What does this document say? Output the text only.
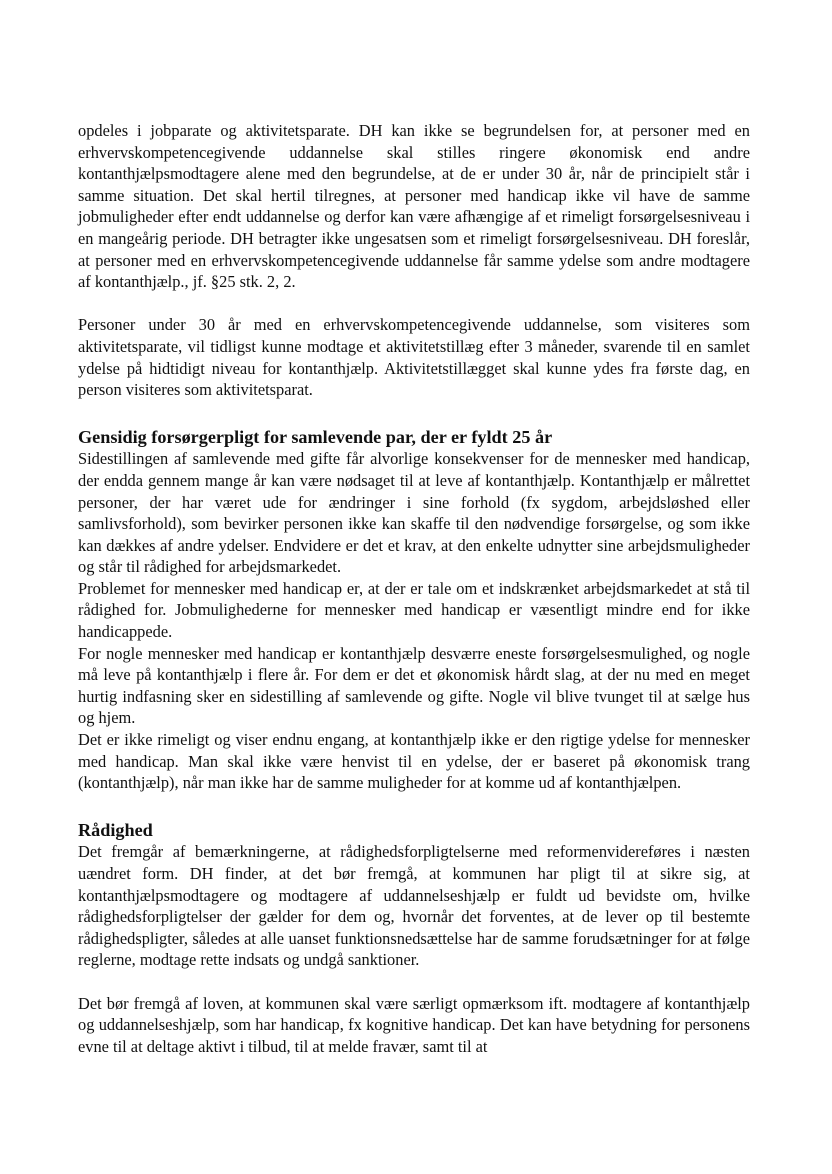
opdeles i jobparate og aktivitetsparate. DH kan ikke se begrundelsen for, at personer med en erhvervskompetencegivende uddannelse skal stilles ringere økonomisk end andre kontanthjælpsmodtagere alene med den begrundelse, at de er under 30 år, når de principielt står i samme situation. Det skal hertil tilregnes, at personer med handicap ikke vil have de samme jobmuligheder efter endt uddannelse og derfor kan være afhængige af et rimeligt forsørgelsesniveau i en mangeårig periode. DH betragter ikke ungesatsen som et rimeligt forsørgelsesniveau. DH foreslår, at personer med en erhvervskompetencegivende uddannelse får samme ydelse som andre modtagere af kontanthjælp., jf. §25 stk. 2, 2.

Personer under 30 år med en erhvervskompetencegivende uddannelse, som visiteres som aktivitetsparate, vil tidligst kunne modtage et aktivitetstillæg efter 3 måneder, svarende til en samlet ydelse på hidtidigt niveau for kontanthjælp. Aktivitetstillægget skal kunne ydes fra første dag, en person visiteres som aktivitetsparat.

Gensidig forsørgerpligt for samlevende par, der er fyldt 25 år

Sidestillingen af samlevende med gifte får alvorlige konsekvenser for de mennesker med handicap, der endda gennem mange år kan være nødsaget til at leve af kontanthjælp. Kontanthjælp er målrettet personer, der har været ude for ændringer i sine forhold (fx sygdom, arbejdsløshed eller samlivsforhold), som bevirker personen ikke kan skaffe til den nødvendige forsørgelse, og som ikke kan dækkes af andre ydelser. Endvidere er det et krav, at den enkelte udnytter sine arbejdsmuligheder og står til rådighed for arbejdsmarkedet.

Problemet for mennesker med handicap er, at der er tale om et indskrænket arbejdsmarkedet at stå til rådighed for. Jobmulighederne for mennesker med handicap er væsentligt mindre end for ikke handicappede.

For nogle mennesker med handicap er kontanthjælp desværre eneste forsørgelsesmulighed, og nogle må leve på kontanthjælp i flere år. For dem er det et økonomisk hårdt slag, at der nu med en meget hurtig indfasning sker en sidestilling af samlevende og gifte. Nogle vil blive tvunget til at sælge hus og hjem.

Det er ikke rimeligt og viser endnu engang, at kontanthjælp ikke er den rigtige ydelse for mennesker med handicap. Man skal ikke være henvist til en ydelse, der er baseret på økonomisk trang (kontanthjælp), når man ikke har de samme muligheder for at komme ud af kontanthjælpen.

Rådighed

Det fremgår af bemærkningerne, at rådighedsforpligtelserne med reformenvidereføres i næsten uændret form. DH finder, at det bør fremgå, at kommunen har pligt til at sikre sig, at kontanthjælpsmodtagere og modtagere af uddannelseshjælp er fuldt ud bevidste om, hvilke rådighedsforpligtelser der gælder for dem og, hvornår det forventes, at de lever op til bestemte rådighedspligter, således at alle uanset funktionsnedsættelse har de samme forudsætninger for at følge reglerne, modtage rette indsats og undgå sanktioner.

Det bør fremgå af loven, at kommunen skal være særligt opmærksom ift. modtagere af kontanthjælp og uddannelseshjælp, som har handicap, fx kognitive handicap. Det kan have betydning for personens evne til at deltage aktivt i tilbud, til at melde fravær, samt til at
